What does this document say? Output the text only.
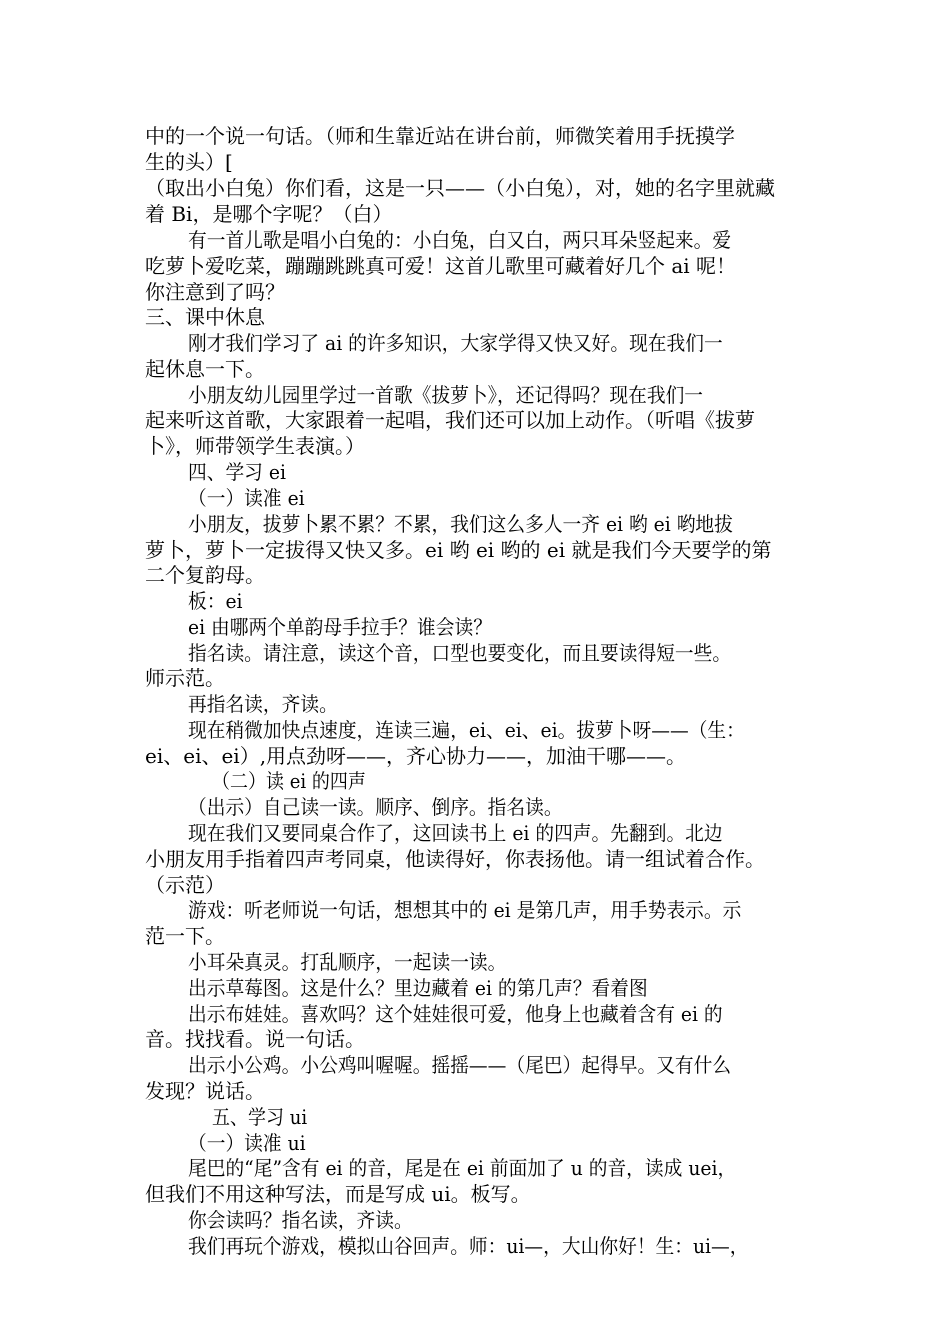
中的一个说一句话。（师和生靠近站在讲台前，师微笑着用手抚摸学
生的头）[
（取出小白兔）你们看，这是一只——（小白兔），对，她的名字里就藏
着 Bi，是哪个字呢？（白）
有一首儿歌是唱小白兔的：小白兔，白又白，两只耳朵竖起来。爱
吃萝卜爱吃菜，蹦蹦跳跳真可爱！这首儿歌里可藏着好几个 ai 呢！
你注意到了吗？
三、课中休息
刚才我们学习了 ai 的许多知识，大家学得又快又好。现在我们一
起休息一下。
小朋友幼儿园里学过一首歌《拔萝卜》，还记得吗？现在我们一
起来听这首歌，大家跟着一起唱，我们还可以加上动作。（听唱《拔萝
卜》，师带领学生表演。）
四、学习 ei
（一）读准 ei
小朋友，拔萝卜累不累？不累，我们这么多人一齐 ei 哟 ei 哟地拔
萝卜，萝卜一定拔得又快又多。ei 哟 ei 哟的 ei 就是我们今天要学的第
二个复韵母。
板：ei
ei 由哪两个单韵母手拉手？谁会读？
指名读。请注意，读这个音，口型也要变化，而且要读得短一些。
师示范。
再指名读，齐读。
现在稍微加快点速度，连读三遍，ei、ei、ei。拔萝卜呀——（生：
ei、ei、ei）,用点劲呀——，齐心协力——，加油干哪——。
（二）读 ei 的四声
（出示）自己读一读。顺序、倒序。指名读。
现在我们又要同桌合作了，这回读书上 ei 的四声。先翻到。北边
小朋友用手指着四声考同桌，他读得好，你表扬他。请一组试着合作。
（示范）
游戏：听老师说一句话，想想其中的 ei 是第几声，用手势表示。示
范一下。
小耳朵真灵。打乱顺序，一起读一读。
出示草莓图。这是什么？里边藏着 ei 的第几声？看着图
出示布娃娃。喜欢吗？这个娃娃很可爱，他身上也藏着含有 ei 的
音。找找看。说一句话。
出示小公鸡。小公鸡叫喔喔。摇摇——（尾巴）起得早。又有什么
发现？说话。
五、学习 ui
（一）读准 ui
尾巴的“尾”含有 ei 的音，尾是在 ei 前面加了 u 的音，读成 uei，
但我们不用这种写法，而是写成 ui。板写。
你会读吗？指名读，齐读。
我们再玩个游戏，模拟山谷回声。师：ui—，大山你好！生：ui—，
